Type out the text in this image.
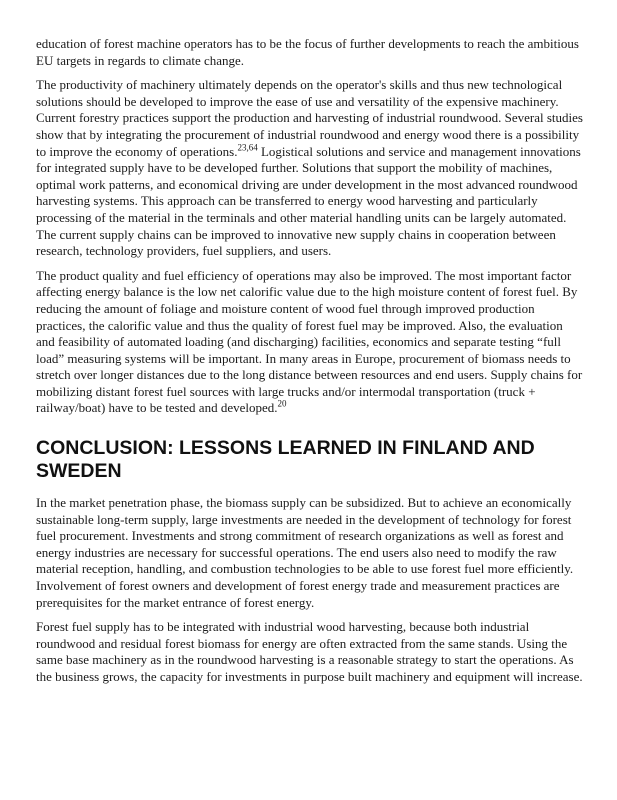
education of forest machine operators has to be the focus of further developments to reach the ambitious EU targets in regards to climate change.

The productivity of machinery ultimately depends on the operator's skills and thus new technological solutions should be developed to improve the ease of use and versatility of the expensive machinery. Current forestry practices support the production and harvesting of industrial roundwood. Several studies show that by integrating the procurement of industrial roundwood and energy wood there is a possibility to improve the economy of operations.$^{23,64}$ Logistical solutions and service and management innovations for integrated supply have to be developed further. Solutions that support the mobility of machines, optimal work patterns, and economical driving are under development in the most advanced roundwood harvesting systems. This approach can be transferred to energy wood harvesting and particularly processing of the material in the terminals and other material handling units can be largely automated. The current supply chains can be improved to innovative new supply chains in cooperation between research, technology providers, fuel suppliers, and users.

The product quality and fuel efficiency of operations may also be improved. The most important factor affecting energy balance is the low net calorific value due to the high moisture content of forest fuel. By reducing the amount of foliage and moisture content of wood fuel through improved production practices, the calorific value and thus the quality of forest fuel may be improved. Also, the evaluation and feasibility of automated loading (and discharging) facilities, economics and separate testing “full load” measuring systems will be important. In many areas in Europe, procurement of biomass needs to stretch over longer distances due to the long distance between resources and end users. Supply chains for mobilizing distant forest fuel sources with large trucks and/or intermodal transportation (truck + railway/boat) have to be tested and developed.$^{20}$

CONCLUSION: LESSONS LEARNED IN FINLAND AND SWEDEN

In the market penetration phase, the biomass supply can be subsidized. But to achieve an economically sustainable long-term supply, large investments are needed in the development of technology for forest fuel procurement. Investments and strong commitment of research organizations as well as forest and energy industries are necessary for successful operations. The end users also need to modify the raw material reception, handling, and combustion technologies to be able to use forest fuel more efficiently. Involvement of forest owners and development of forest energy trade and measurement practices are prerequisites for the market entrance of forest energy.

Forest fuel supply has to be integrated with industrial wood harvesting, because both industrial roundwood and residual forest biomass for energy are often extracted from the same stands. Using the same base machinery as in the roundwood harvesting is a reasonable strategy to start the operations. As the business grows, the capacity for investments in purpose built machinery and equipment will increase.
